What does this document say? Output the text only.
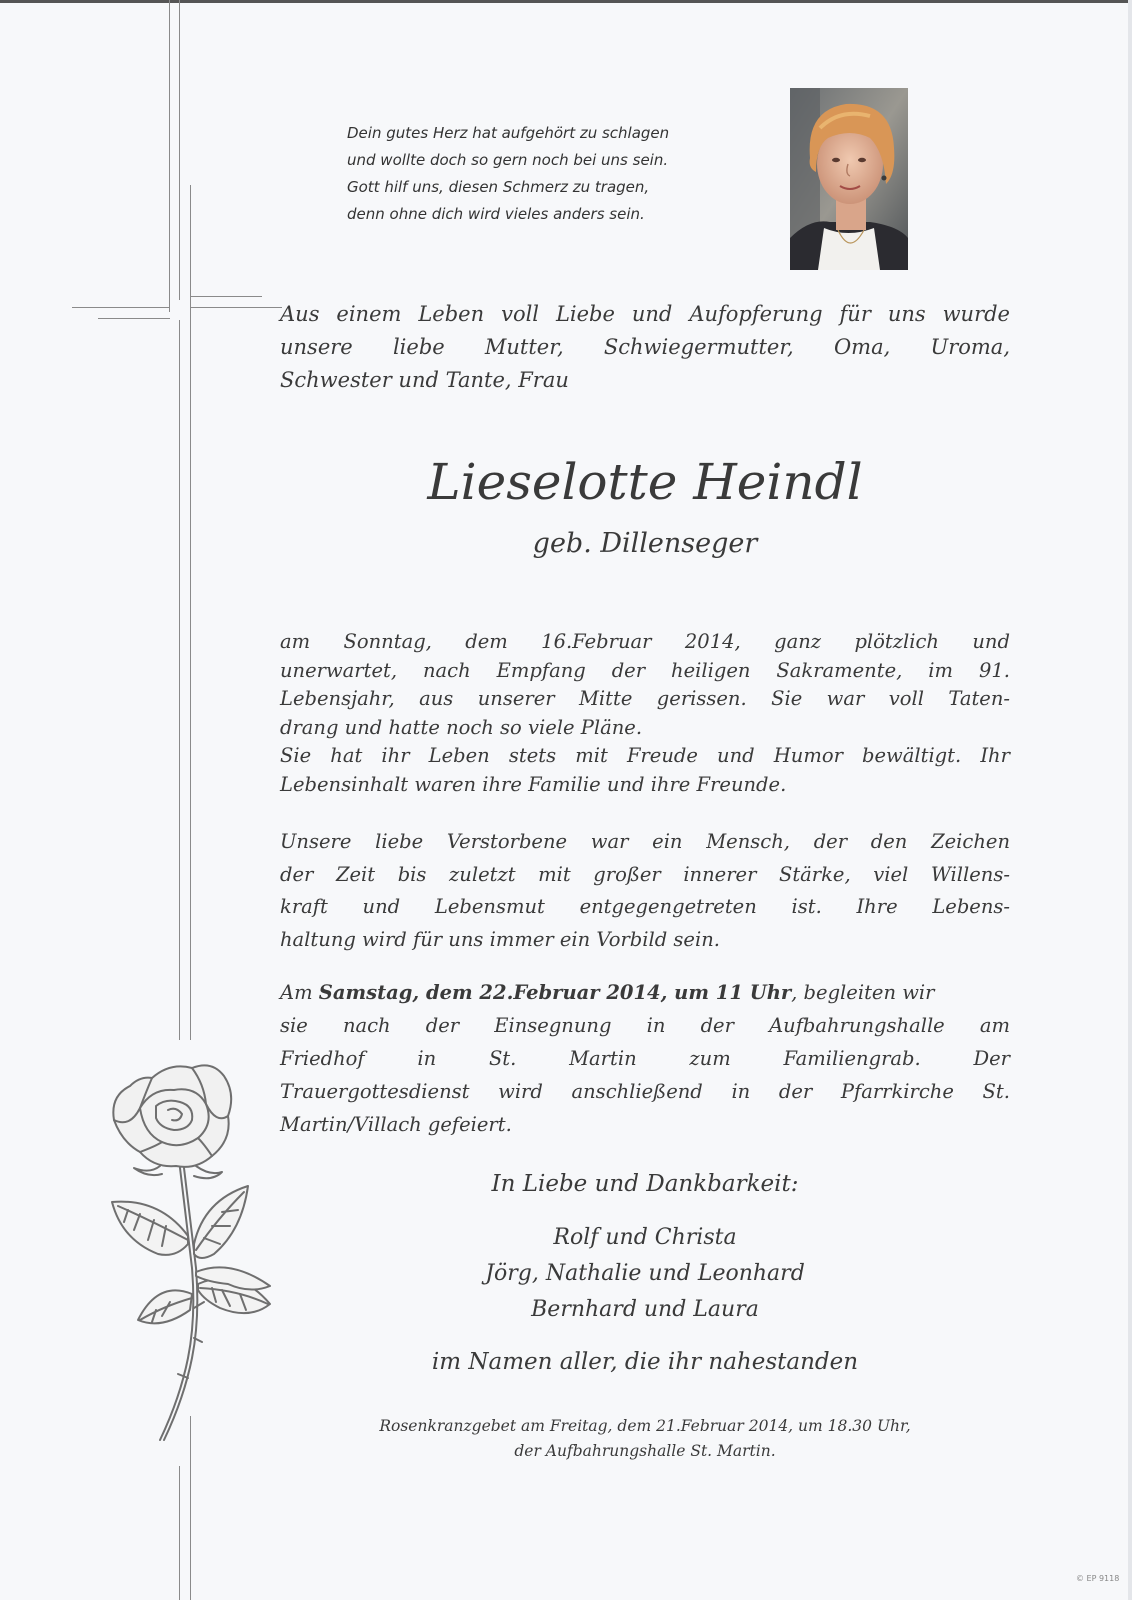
Dein gutes Herz hat aufgehört zu schlagen
und wollte doch so gern noch bei uns sein.
Gott hilf uns, diesen Schmerz zu tragen,
denn ohne dich wird vieles anders sein.
Aus einem Leben voll Liebe und Aufopferung für uns wurde
unsere liebe Mutter, Schwiegermutter, Oma, Uroma,
Schwester und Tante, Frau
Lieselotte Heindl
geb. Dillenseger
am Sonntag, dem 16.Februar 2014, ganz plötzlich und
unerwartet, nach Empfang der heiligen Sakramente, im 91.
Lebensjahr, aus unserer Mitte gerissen. Sie war voll Taten-
drang und hatte noch so viele Pläne.
Sie hat ihr Leben stets mit Freude und Humor bewältigt. Ihr
Lebensinhalt waren ihre Familie und ihre Freunde.
Unsere liebe Verstorbene war ein Mensch, der den Zeichen
der Zeit bis zuletzt mit großer innerer Stärke, viel Willens-
kraft und Lebensmut entgegengetreten ist. Ihre Lebens-
haltung wird für uns immer ein Vorbild sein.
Am Samstag, dem 22.Februar 2014, um 11 Uhr, begleiten wir
sie nach der Einsegnung in der Aufbahrungshalle am
Friedhof	in	St.	Martin	zum	Familiengrab.	Der
Trauergottesdienst wird anschließend in der Pfarrkirche St.
Martin/Villach gefeiert.
In Liebe und Dankbarkeit:
Rolf und Christa
Jörg, Nathalie und Leonhard
Bernhard und Laura
im Namen aller, die ihr nahestanden
Rosenkranzgebet am Freitag, dem 21.Februar 2014, um 18.30 Uhr,
der Aufbahrungshalle St. Martin.
© EP 9118
